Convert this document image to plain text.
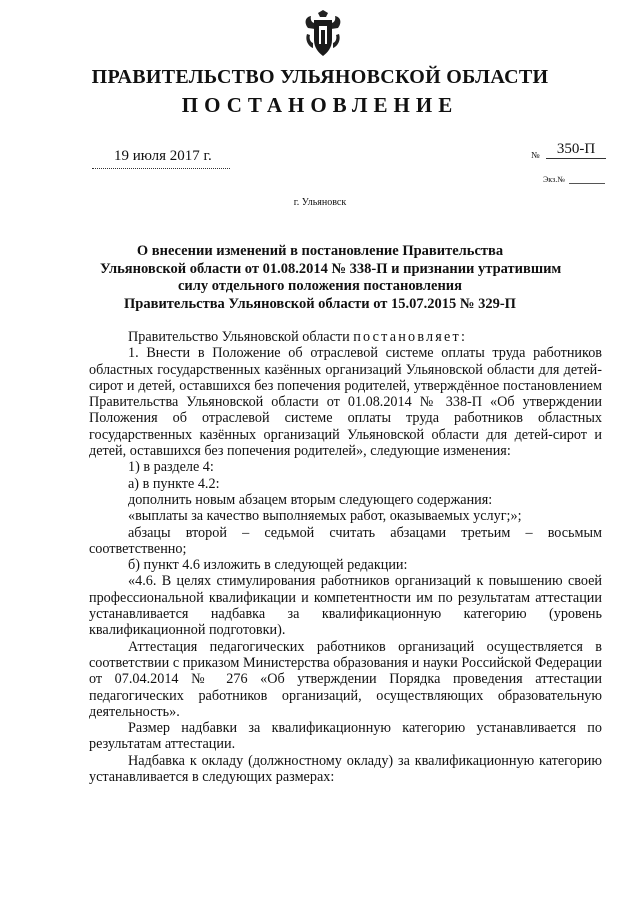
ПРАВИТЕЛЬСТВО УЛЬЯНОВСКОЙ ОБЛАСТИ
ПОСТАНОВЛЕНИЕ
19 июля 2017 г.	№	350-П
Экз.№
г. Ульяновск
О внесении изменений в постановление Правительства
Ульяновской области от 01.08.2014 № 338-П и признании утратившим
силу отдельного положения постановления
Правительства Ульяновской области от 15.07.2015 № 329-П
Правительство Ульяновской области постановляет:
1. Внести в Положение об отраслевой системе оплаты труда работников областных государственных казённых организаций Ульяновской области для детей-сирот и детей, оставшихся без попечения родителей, утверждённое постановлением Правительства Ульяновской области от 01.08.2014 № 338-П «Об утверждении Положения об отраслевой системе оплаты труда работников областных государственных казённых организаций Ульяновской области для детей-сирот и детей, оставшихся без попечения родителей», следующие изменения:
1) в разделе 4:
а) в пункте 4.2:
дополнить новым абзацем вторым следующего содержания:
«выплаты за качество выполняемых работ, оказываемых услуг;»;
абзацы второй – седьмой считать абзацами третьим – восьмым соответственно;
б) пункт 4.6 изложить в следующей редакции:
«4.6. В целях стимулирования работников организаций к повышению своей профессиональной квалификации и компетентности им по результатам аттестации устанавливается надбавка за квалификационную категорию (уровень квалификационной подготовки).
Аттестация педагогических работников организаций осуществляется в соответствии с приказом Министерства образования и науки Российской Федерации от 07.04.2014 № 276 «Об утверждении Порядка проведения аттестации педагогических работников организаций, осуществляющих образовательную деятельность».
Размер надбавки за квалификационную категорию устанавливается по результатам аттестации.
Надбавка к окладу (должностному окладу) за квалификационную категорию устанавливается в следующих размерах:
